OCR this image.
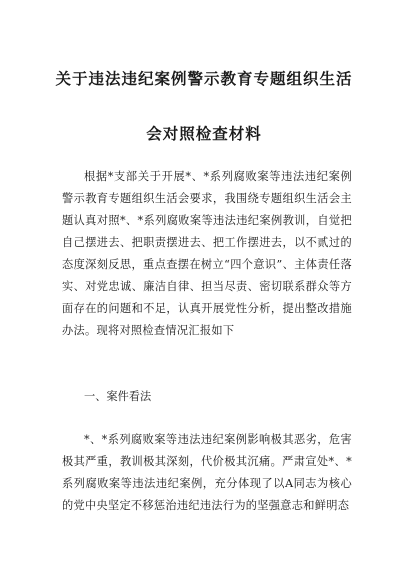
关于违法违纪案例警示教育专题组织生活
会对照检查材料

根据*支部关于开展*、*系列腐败案等违法违纪案例警示教育专题组织生活会要求，我围绕专题组织生活会主题认真对照*、*系列腐败案等违法违纪案例教训，自觉把自己摆进去、把职责摆进去、把工作摆进去，以不贰过的态度深刻反思，重点查摆在树立“四个意识”、主体责任落实、对党忠诚、廉洁自律、担当尽责、密切联系群众等方面存在的问题和不足，认真开展党性分析，提出整改措施办法。现将对照检查情况汇报如下

一、案件看法

*、*系列腐败案等违法违纪案例影响极其恶劣，危害极其严重，教训极其深刻，代价极其沉痛。严肃宣处*、*系列腐败案等违法违纪案例，充分体现了以A同志为核心的党中央坚定不移惩治违纪违法行为的坚强意志和鲜明态
